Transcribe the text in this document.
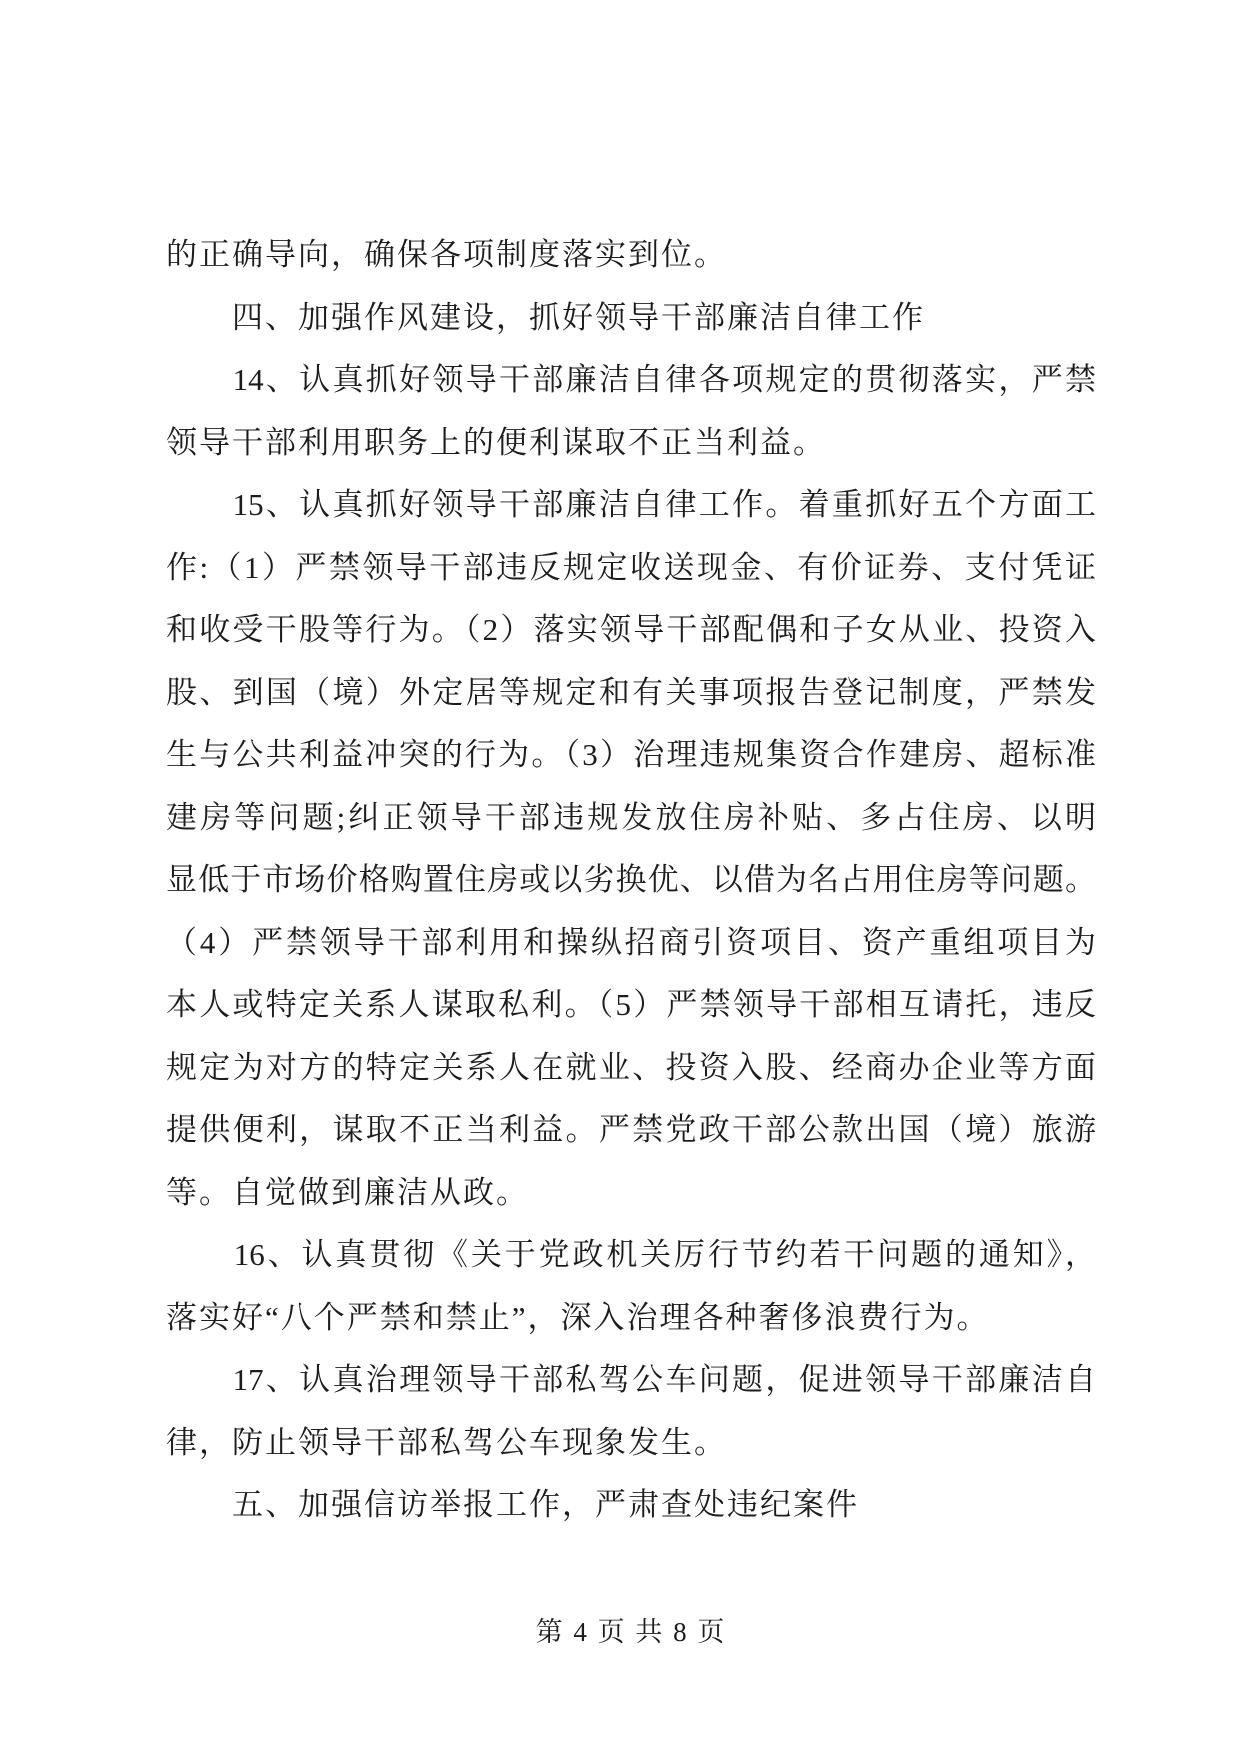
的正确导向，确保各项制度落实到位。
　　四、加强作风建设，抓好领导干部廉洁自律工作
　　14、认真抓好领导干部廉洁自律各项规定的贯彻落实，严禁
领导干部利用职务上的便利谋取不正当利益。
　　15、认真抓好领导干部廉洁自律工作。着重抓好五个方面工
作:（1）严禁领导干部违反规定收送现金、有价证券、支付凭证
和收受干股等行为。（2）落实领导干部配偶和子女从业、投资入
股、到国（境）外定居等规定和有关事项报告登记制度，严禁发
生与公共利益冲突的行为。（3）治理违规集资合作建房、超标准
建房等问题;纠正领导干部违规发放住房补贴、多占住房、以明
显低于市场价格购置住房或以劣换优、以借为名占用住房等问题。
（4）严禁领导干部利用和操纵招商引资项目、资产重组项目为
本人或特定关系人谋取私利。（5）严禁领导干部相互请托，违反
规定为对方的特定关系人在就业、投资入股、经商办企业等方面
提供便利，谋取不正当利益。严禁党政干部公款出国（境）旅游
等。自觉做到廉洁从政。
　　16、认真贯彻《关于党政机关厉行节约若干问题的通知》，
落实好“八个严禁和禁止”，深入治理各种奢侈浪费行为。
　　17、认真治理领导干部私驾公车问题，促进领导干部廉洁自
律，防止领导干部私驾公车现象发生。
　　五、加强信访举报工作，严肃查处违纪案件
第 4 页 共 8 页
